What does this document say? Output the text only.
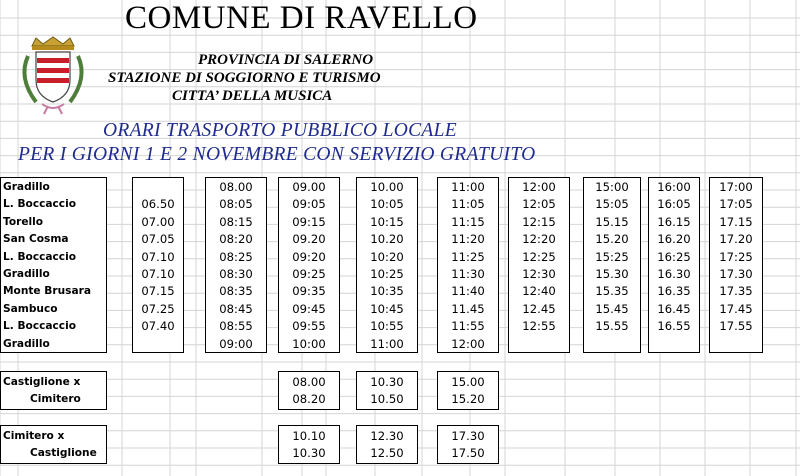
COMUNE DI RAVELLO
PROVINCIA DI SALERNO
STAZIONE DI SOGGIORNO E TURISMO
CITTA’ DELLA MUSICA
ORARI TRASPORTO PUBBLICO LOCALE
PER I GIORNI 1 E 2 NOVEMBRE CON SERVIZIO GRATUITO
Gradillo
L. Boccaccio
Torello
San Cosma
L. Boccaccio
Gradillo
Monte Brusara
Sambuco
L. Boccaccio
Gradillo
06.50
07.00
07.05
07.10
07.10
07.15
07.25
07.40
08.00
08:05
08:15
08:20
08:25
08:30
08:35
08:45
08:55
09:00
09.00
09:05
09:15
09.20
09:20
09:25
09:35
09:45
09:55
10:00
10.00
10:05
10:15
10.20
10:20
10:25
10:35
10:45
10:55
11:00
11:00
11:05
11:15
11:20
11:25
11:30
11:40
11.45
11:55
12:00
12:00
12:05
12:15
12:20
12:25
12:30
12:40
12.45
12:55
15:00
15:05
15.15
15.20
15:25
15.30
15.35
15.45
15.55
16:00
16:05
16.15
16.20
16:25
16.30
16.35
16.45
16.55
17:00
17:05
17.15
17.20
17:25
17.30
17.35
17.45
17.55
Castiglione x
Cimitero
08.00
08.20
10.30
10.50
15.00
15.20
Cimitero x
Castiglione
10.10
10.30
12.30
12.50
17.30
17.50
